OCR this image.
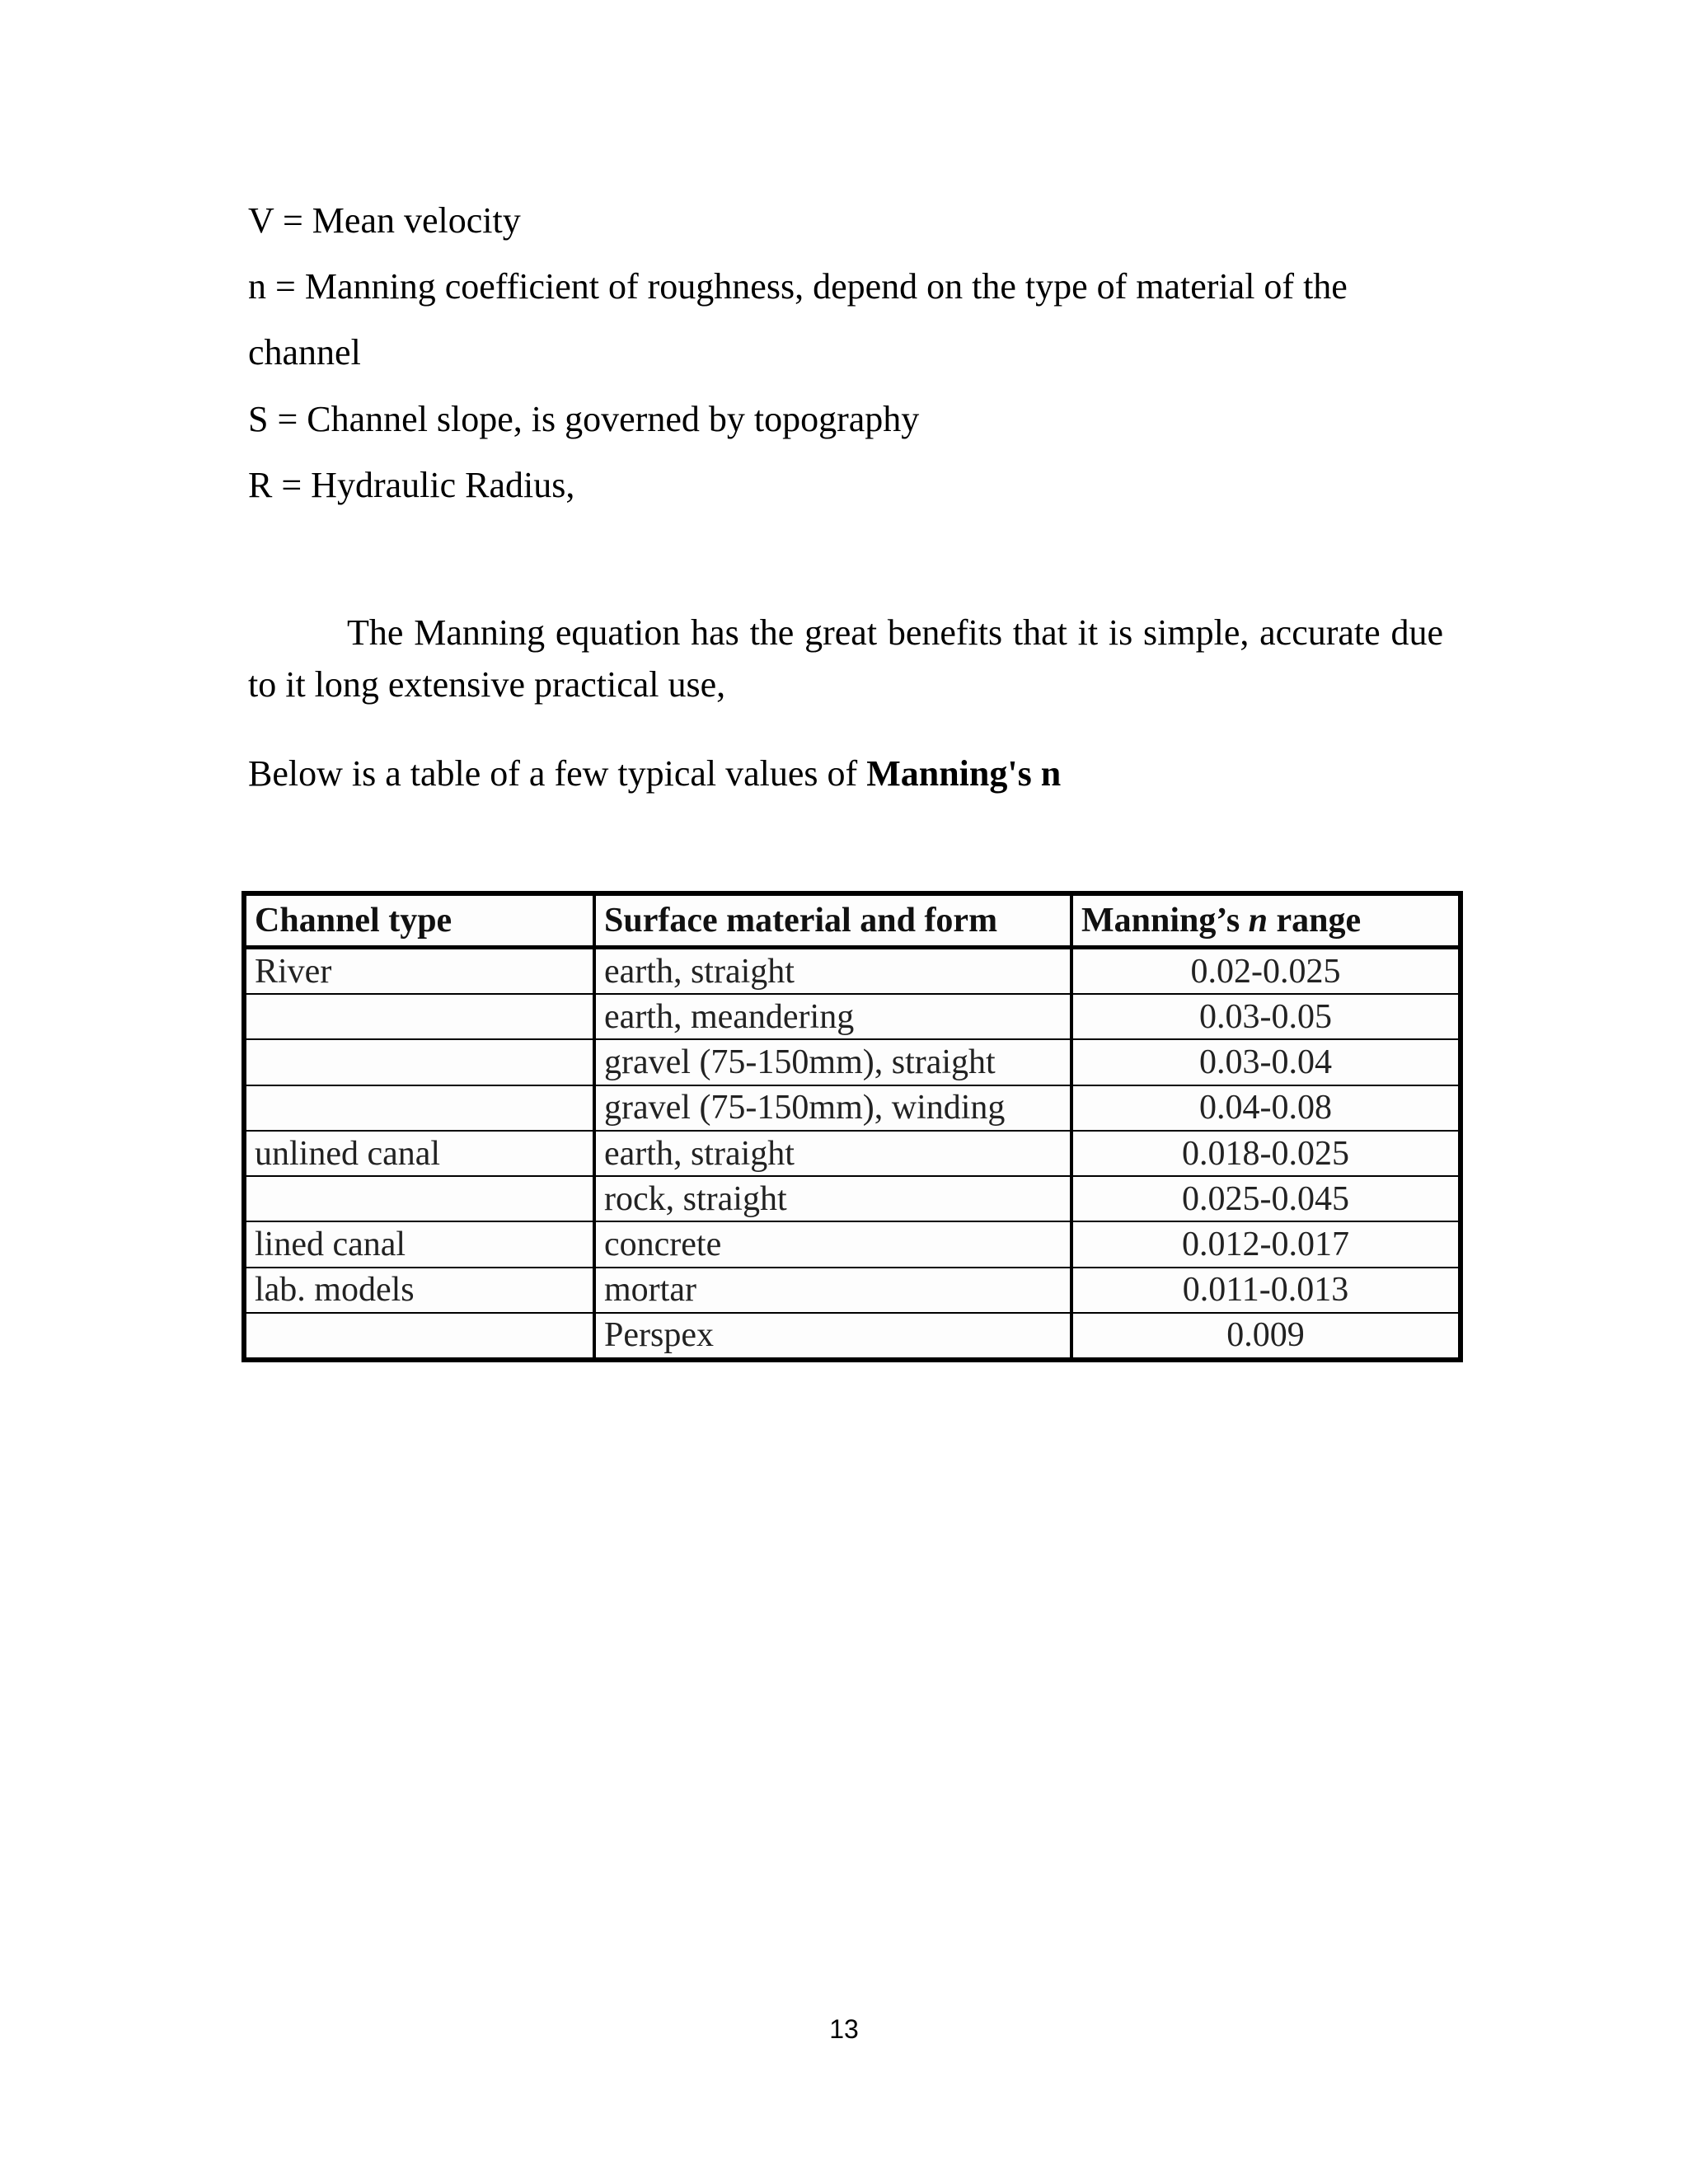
V = Mean velocity
n = Manning coefficient of roughness, depend on the type of material of the
channel
S = Channel slope, is governed by topography
R = Hydraulic Radius,
The Manning equation has the great benefits that it is simple, accurate due to it long extensive practical use,
Below is a table of a few typical values of Manning's n
Channel type	Surface material and form	Manning’s n range
River	earth, straight	0.02-0.025
	earth, meandering	0.03-0.05
	gravel (75-150mm), straight	0.03-0.04
	gravel (75-150mm), winding	0.04-0.08
unlined canal	earth, straight	0.018-0.025
	rock, straight	0.025-0.045
lined canal	concrete	0.012-0.017
lab. models	mortar	0.011-0.013
	Perspex	0.009
13
